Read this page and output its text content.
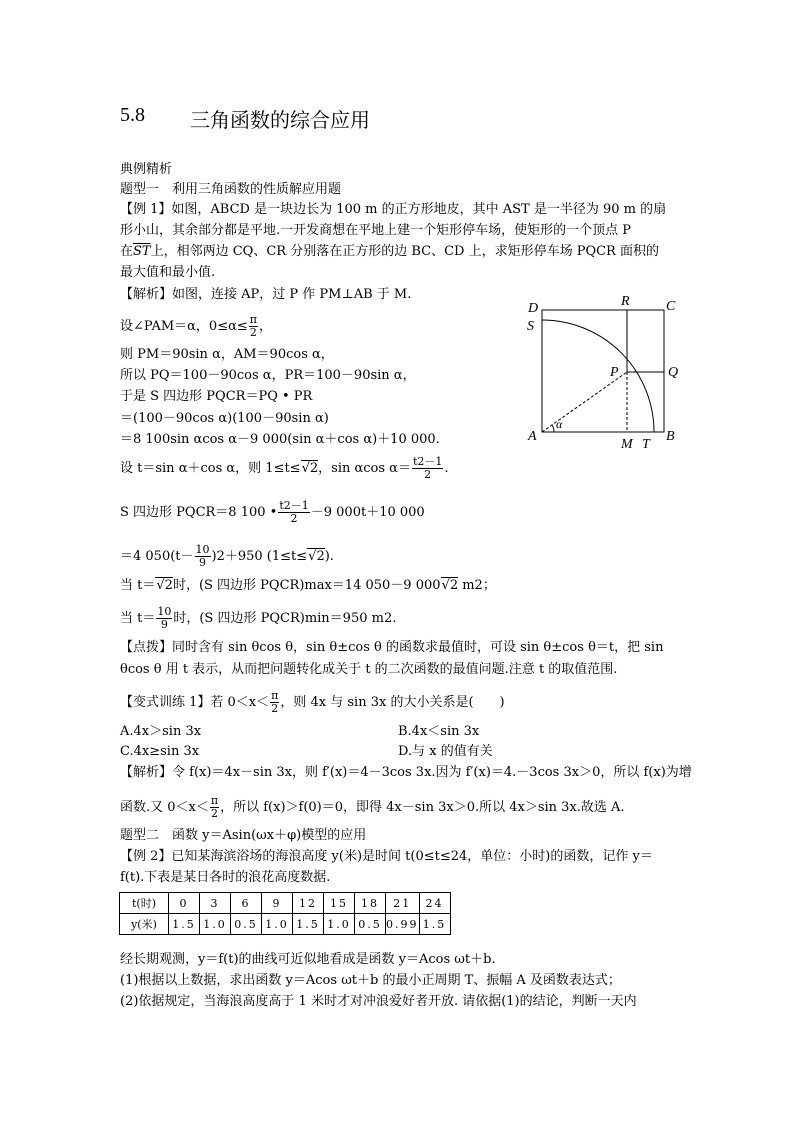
5.8 三角函数的综合应用
典例精析
题型一　利用三角函数的性质解应用题
【例 1】如图，ABCD 是一块边长为 100 m 的正方形地皮，其中 AST 是一半径为 90 m 的扇
形小山，其余部分都是平地.一开发商想在平地上建一个矩形停车场，使矩形的一个顶点 P
在$\overline{ST}$上，相邻两边 CQ、CR 分别落在正方形的边 BC、CD 上，求矩形停车场 PQCR 面积的
最大值和最小值.
【解析】如图，连接 AP，过 P 作 PM⊥AB 于 M.
设∠PAM＝α，$0\le\alpha\le \frac{\pi}{2}$ ，
则 PM＝90sin α，AM＝90cos α，
所以 PQ＝100－90cos α，PR＝100－90sin α，
于是 S 四边形 PQCR＝PQ • PR
＝(100－90cos α)(100－90sin α)
＝8 100sin αcos α－9 000(sin α＋cos α)＋10 000.
设 t＝sin α＋cos α，则 1≤t≤√2，sin αcos $\alpha= \frac{t2-1}{2}$ .
S 四边形 PQCR＝8 100 • $\frac{t2-1}{2} -9$ 000t＋10 000
＝4 $050(t- \frac{10}{9} )2+950$ (1≤t≤√2).
当 t＝√2时，(S 四边形 PQCR)max＝14 050－9 000√2 m2；
当 $t= \frac{10}{9}$ 时，(S 四边形 PQCR)min＝950 m2.
【点拨】同时含有 sin θcos θ，sin θ±cos θ 的函数求最值时，可设 sin θ±cos θ＝t，把 sin
θcos θ 用 t 表示，从而把问题转化成关于 t 的二次函数的最值问题.注意 t 的取值范围.
【变式训练 1】若 $0<x< \frac{\pi}{2}$ ，则 4x 与 sin 3x 的大小关系是(　　)
A.4x＞sin 3x	B.4x＜sin 3x
C.4x≥sin 3x	D.与 x 的值有关
【解析】令 f(x)＝4x－sin 3x，则 f′(x)＝4－3cos 3x.因为 f′(x)＝4.－3cos 3x＞0，所以 f(x)为增
函数.又 $0<x< \frac{\pi}{2}$ ，所以 f(x)＞f(0)＝0，即得 4x－sin 3x＞0.所以 4x＞sin 3x.故选 A.
题型二　函数 y＝Asin(ωx＋φ)模型的应用
【例 2】已知某海滨浴场的海浪高度 y(米)是时间 t(0≤t≤24，单位：小时)的函数，记作 y＝
f(t).下表是某日各时的浪花高度数据.
t(时)	0	3	6	9	12	15	18	21	24
y(米)	1.5	1.0	0.5	1.0	1.5	1.0	0.5	0.99	1.5
经长期观测，y＝f(t)的曲线可近似地看成是函数 y＝Acos ωt＋b.
(1)根据以上数据，求出函数 y＝Acos ωt＋b 的最小正周期 T、振幅 A 及函数表达式；
(2)依据规定，当海浪高度高于 1 米时才对冲浪爱好者开放. 请依据(1)的结论，判断一天内
D	R	C
S
Q
P
A
α
M T
B
